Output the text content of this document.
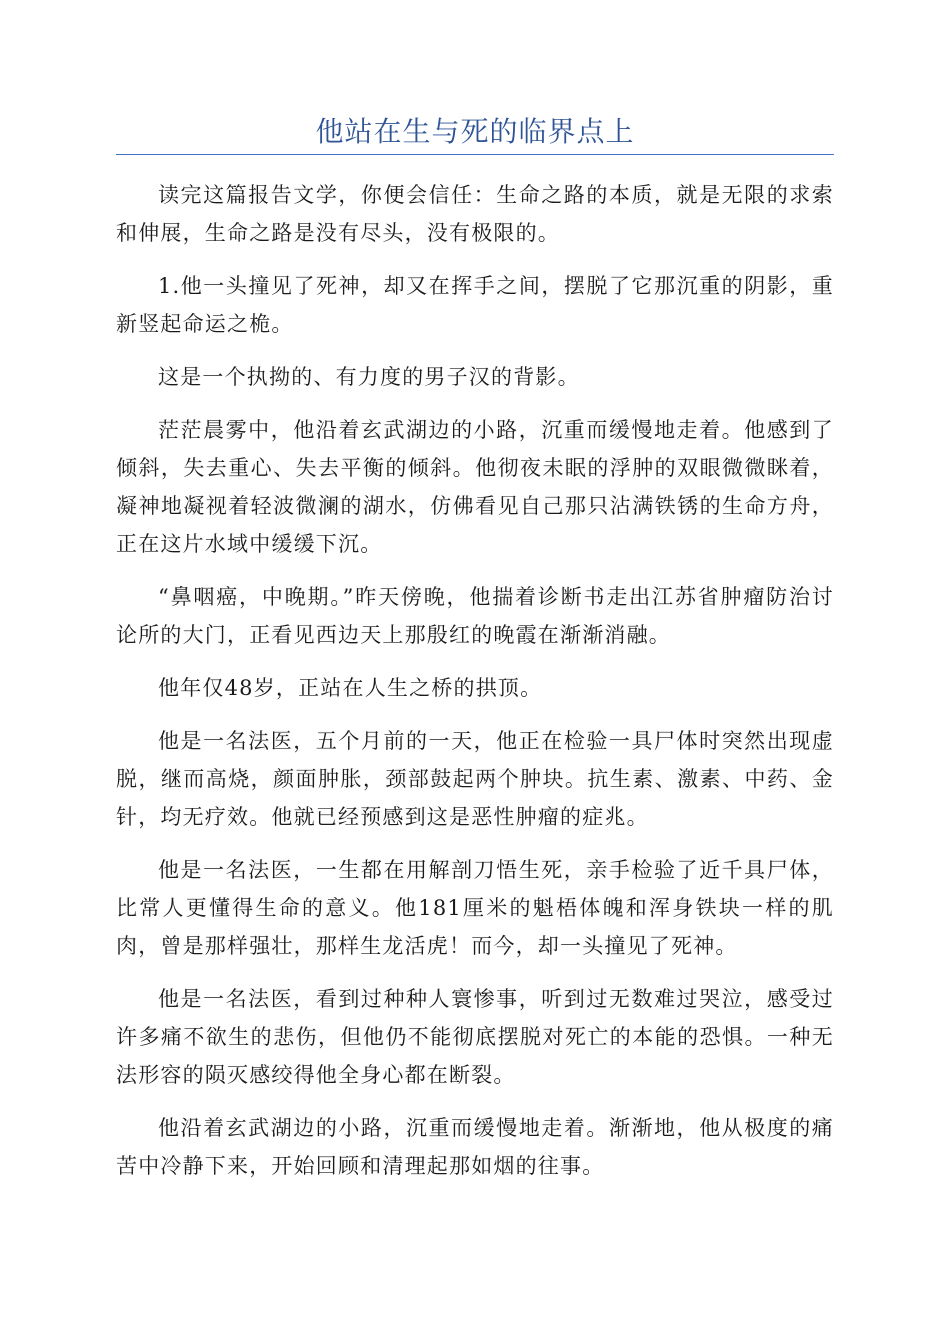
他站在生与死的临界点上

读完这篇报告文学，你便会信任：生命之路的本质，就是无限的求索和伸展，生命之路是没有尽头，没有极限的。

1.他一头撞见了死神，却又在挥手之间，摆脱了它那沉重的阴影，重新竖起命运之桅。

这是一个执拗的、有力度的男子汉的背影。

茫茫晨雾中，他沿着玄武湖边的小路，沉重而缓慢地走着。他感到了倾斜，失去重心、失去平衡的倾斜。他彻夜未眠的浮肿的双眼微微眯着，凝神地凝视着轻波微澜的湖水，仿佛看见自己那只沾满铁锈的生命方舟，正在这片水域中缓缓下沉。

“鼻咽癌，中晚期。”昨天傍晚，他揣着诊断书走出江苏省肿瘤防治讨论所的大门，正看见西边天上那殷红的晚霞在渐渐消融。

他年仅48岁，正站在人生之桥的拱顶。

他是一名法医，五个月前的一天，他正在检验一具尸体时突然出现虚脱，继而高烧，颜面肿胀，颈部鼓起两个肿块。抗生素、激素、中药、金针，均无疗效。他就已经预感到这是恶性肿瘤的症兆。

他是一名法医，一生都在用解剖刀悟生死，亲手检验了近千具尸体，比常人更懂得生命的意义。他181厘米的魁梧体魄和浑身铁块一样的肌肉，曾是那样强壮，那样生龙活虎！而今，却一头撞见了死神。

他是一名法医，看到过种种人寰惨事，听到过无数难过哭泣，感受过许多痛不欲生的悲伤，但他仍不能彻底摆脱对死亡的本能的恐惧。一种无法形容的陨灭感绞得他全身心都在断裂。

他沿着玄武湖边的小路，沉重而缓慢地走着。渐渐地，他从极度的痛苦中冷静下来，开始回顾和清理起那如烟的往事。
